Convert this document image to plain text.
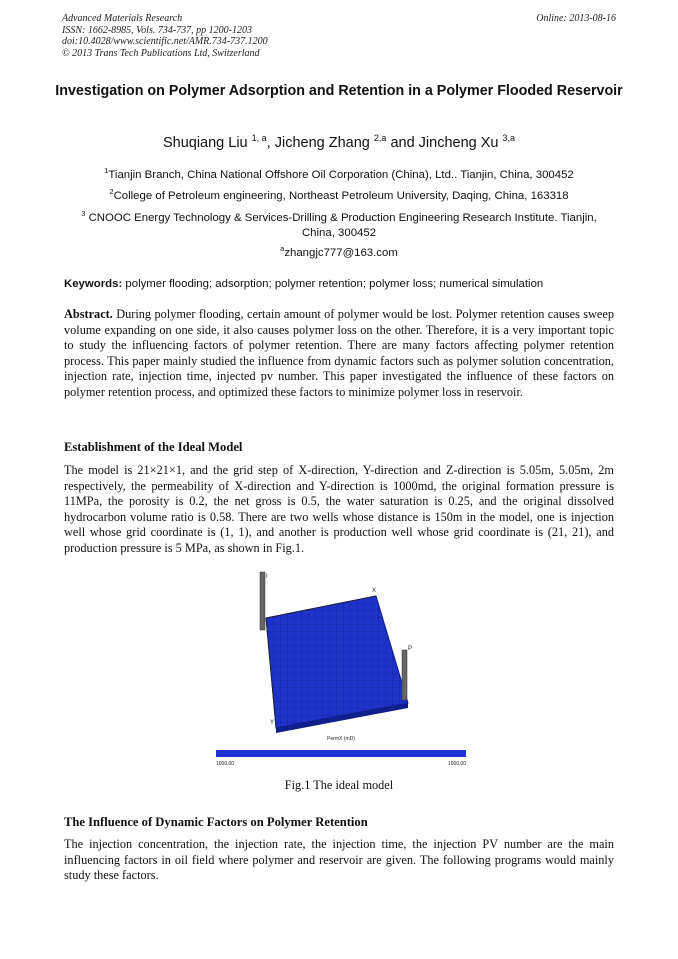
Advanced Materials Research
ISSN: 1662-8985, Vols. 734-737, pp 1200-1203
doi:10.4028/www.scientific.net/AMR.734-737.1200
© 2013 Trans Tech Publications Ltd, Switzerland
Online: 2013-08-16
Investigation on Polymer Adsorption and Retention in a Polymer Flooded Reservoir
Shuqiang Liu $^{1, a}$, Jicheng Zhang $^{2,a}$ and Jincheng Xu $^{3,a}$
$^1$Tianjin Branch, China National Offshore Oil Corporation (China), Ltd.. Tianjin, China, 300452
$^2$College of Petroleum engineering, Northeast Petroleum University, Daqing, China, 163318
$^3$ CNOOC Energy Technology & Services-Drilling & Production Engineering Research Institute. Tianjin, China, 300452
$^a$zhangjc777@163.com
Keywords: polymer flooding; adsorption; polymer retention; polymer loss; numerical simulation
Abstract. During polymer flooding, certain amount of polymer would be lost. Polymer retention causes sweep volume expanding on one side, it also causes polymer loss on the other. Therefore, it is a very important topic to study the influencing factors of polymer retention. There are many factors affecting polymer retention process. This paper mainly studied the influence from dynamic factors such as polymer solution concentration, injection rate, injection time, injected pv number. This paper investigated the influence of these factors on polymer retention process, and optimized these factors to minimize polymer loss in reservoir.
Establishment of the Ideal Model
The model is 21×21×1, and the grid step of X-direction, Y-direction and Z-direction is 5.05m, 5.05m, 2m respectively, the permeability of X-direction and Y-direction is 1000md, the original formation pressure is 11MPa, the porosity is 0.2, the net gross is 0.5, the water saturation is 0.25, and the original dissolved hydrocarbon volume ratio is 0.58. There are two wells whose distance is 150m in the model, one is injection well whose grid coordinate is (1, 1), and another is production well whose grid coordinate is (21, 21), and production pressure is 5 MPa, as shown in Fig.1.
X
Y
I
P
PermX (mD)
1000.00	1000.00
Fig.1 The ideal model
The Influence of Dynamic Factors on Polymer Retention
The injection concentration, the injection rate, the injection time, the injection PV number are the main influencing factors in oil field where polymer and reservoir are given. The following programs would mainly study these factors.
